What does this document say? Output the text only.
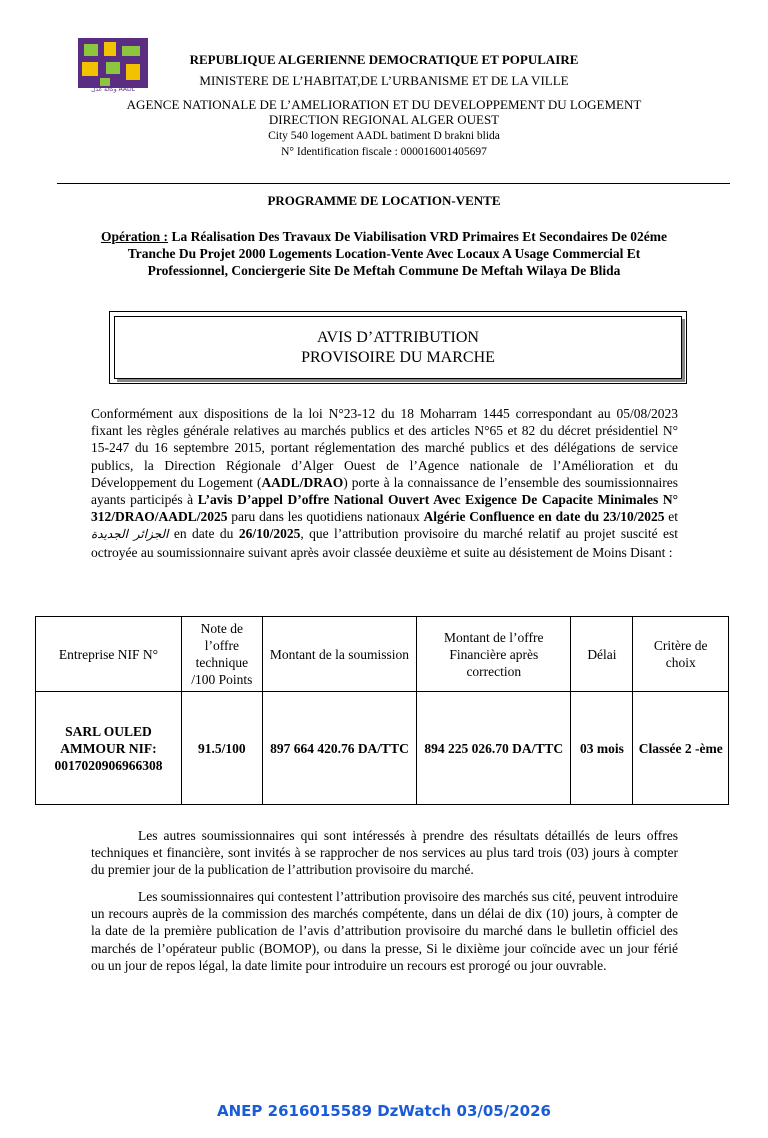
وكالة عدل AADL
REPUBLIQUE ALGERIENNE DEMOCRATIQUE ET POPULAIRE
MINISTERE DE L’HABITAT,DE L’URBANISME ET DE LA VILLE
AGENCE NATIONALE DE L’AMELIORATION ET DU DEVELOPPEMENT DU LOGEMENT
DIRECTION REGIONAL ALGER OUEST
City 540 logement AADL batiment D brakni blida
N° Identification fiscale : 000016001405697
PROGRAMME DE LOCATION-VENTE
Opération : La Réalisation Des Travaux De Viabilisation VRD Primaires Et Secondaires De 02éme Tranche Du Projet 2000 Logements Location-Vente Avec Locaux A Usage Commercial Et Professionnel, Conciergerie Site De Meftah Commune De Meftah Wilaya De Blida
AVIS D’ATTRIBUTION
PROVISOIRE DU MARCHE
Conformément aux dispositions de la loi N°23-12 du 18 Moharram 1445 correspondant au 05/08/2023 fixant les règles générale relatives au marchés publics et des articles N°65 et 82 du décret présidentiel N° 15-247 du 16 septembre 2015, portant réglementation des marché publics et des délégations de service publics, la Direction Régionale d’Alger Ouest de l’Agence nationale de l’Amélioration et du Développement du Logement (AADL/DRAO) porte à la connaissance de l’ensemble des soumissionnaires ayants participés à L’avis D’appel D’offre National Ouvert Avec Exigence De Capacite Minimales N° 312/DRAO/AADL/2025 paru dans les quotidiens nationaux Algérie Confluence en date du 23/10/2025 et الجزائر الجديدة en date du 26/10/2025, que l’attribution provisoire du marché relatif au projet suscité est octroyée au soumissionnaire suivant après avoir classée deuxième et suite au désistement de Moins Disant :
Entreprise NIF N°	Note de l’offre technique /100 Points	Montant de la soumission	Montant de l’offre Financière après correction	Délai	Critère de choix
SARL OULED AMMOUR NIF: 0017020906966308	91.5/100	897 664 420.76 DA/TTC	894 225 026.70 DA/TTC	03 mois	Classée 2 -ème
Les autres soumissionnaires qui sont intéressés à prendre des résultats détaillés de leurs offres techniques et financière, sont invités à se rapprocher de nos services au plus tard trois (03) jours à compter du premier jour de la publication de l’attribution provisoire du marché.
Les soumissionnaires qui contestent l’attribution provisoire des marchés sus cité, peuvent introduire un recours auprès de la commission des marchés compétente, dans un délai de dix (10) jours, à compter de la date de la première publication de l’avis d’attribution provisoire du marché dans le bulletin officiel des marchés de l’opérateur public (BOMOP), ou dans la presse, Si le dixième jour coïncide avec un jour férié ou un jour de repos légal, la date limite pour introduire un recours est prorogé ou jour ouvrable.
ANEP 2616015589 DzWatch 03/05/2026
